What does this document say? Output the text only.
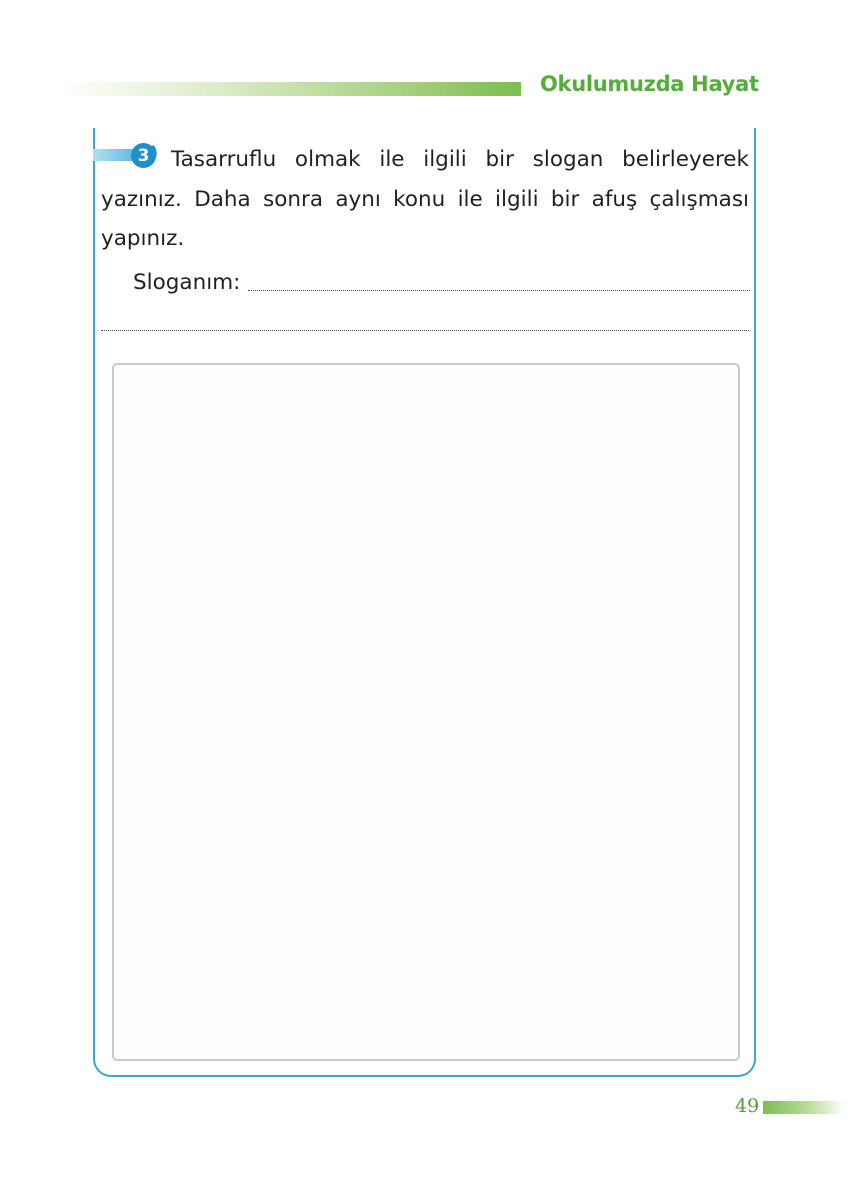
Okulumuzda Hayat

Tasarruflu olmak ile ilgili bir slogan belirleyerek yazınız. Daha sonra aynı konu ile ilgili bir afuş çalışması yapınız.

3 )
Sloganım:
49
